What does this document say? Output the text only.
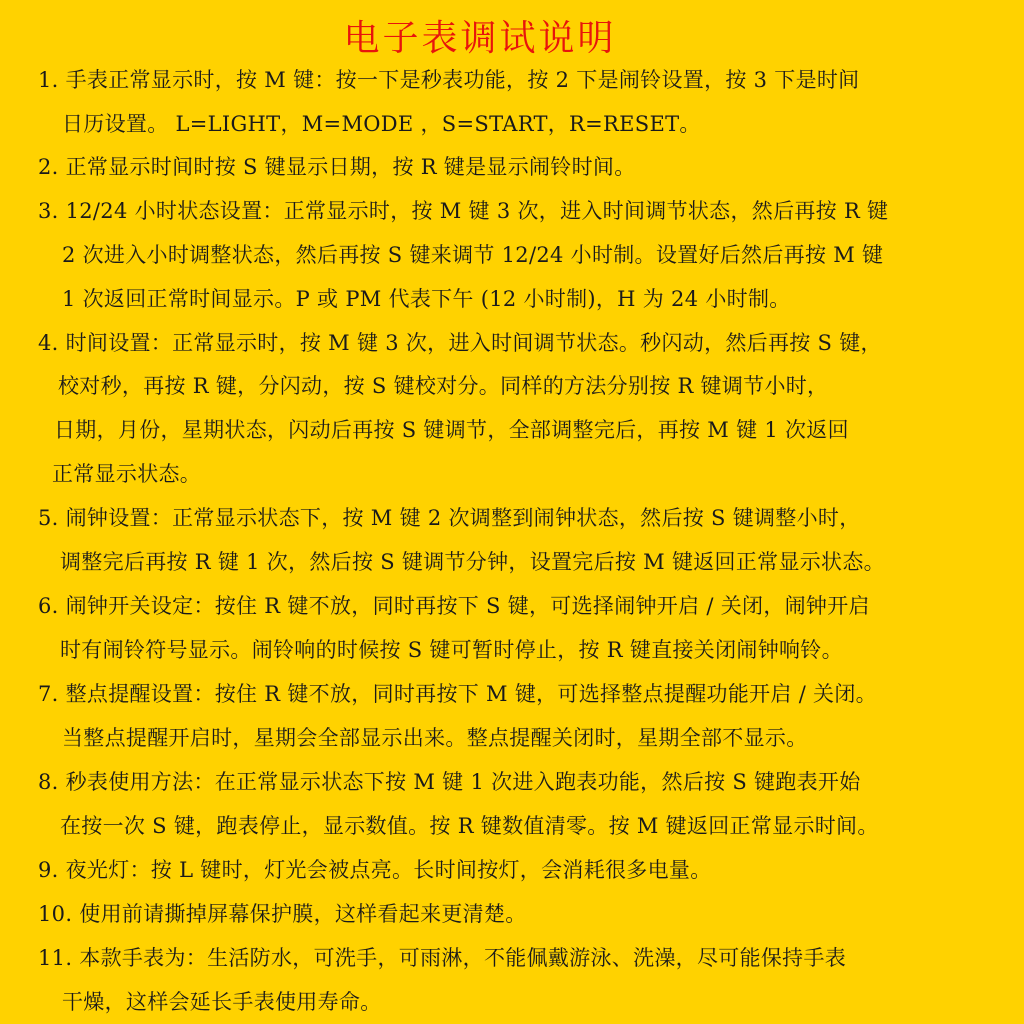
电子表调试说明
1. 手表正常显示时，按 M 键：按一下是秒表功能，按 2 下是闹铃设置，按 3 下是时间
日历设置。 L=LIGHT，M=MODE ，S=START，R=RESET。
2. 正常显示时间时按 S 键显示日期，按 R 键是显示闹铃时间。
3. 12/24 小时状态设置：正常显示时，按 M 键 3 次，进入时间调节状态，然后再按 R 键
2 次进入小时调整状态，然后再按 S 键来调节 12/24 小时制。设置好后然后再按 M 键
1 次返回正常时间显示。P 或 PM 代表下午 (12 小时制)，H 为 24 小时制。
4. 时间设置：正常显示时，按 M 键 3 次，进入时间调节状态。秒闪动，然后再按 S 键，
校对秒，再按 R 键，分闪动，按 S 键校对分。同样的方法分别按 R 键调节小时，
日期，月份，星期状态，闪动后再按 S 键调节，全部调整完后，再按 M 键 1 次返回
正常显示状态。
5. 闹钟设置：正常显示状态下，按 M 键 2 次调整到闹钟状态，然后按 S 键调整小时，
调整完后再按 R 键 1 次，然后按 S 键调节分钟，设置完后按 M 键返回正常显示状态。
6. 闹钟开关设定：按住 R 键不放，同时再按下 S 键，可选择闹钟开启 / 关闭，闹钟开启
时有闹铃符号显示。闹铃响的时候按 S 键可暂时停止，按 R 键直接关闭闹钟响铃。
7. 整点提醒设置：按住 R 键不放，同时再按下 M 键，可选择整点提醒功能开启 / 关闭。
当整点提醒开启时，星期会全部显示出来。整点提醒关闭时，星期全部不显示。
8. 秒表使用方法：在正常显示状态下按 M 键 1 次进入跑表功能，然后按 S 键跑表开始
在按一次 S 键，跑表停止，显示数值。按 R 键数值清零。按 M 键返回正常显示时间。
9. 夜光灯：按 L 键时，灯光会被点亮。长时间按灯，会消耗很多电量。
10. 使用前请撕掉屏幕保护膜，这样看起来更清楚。
11. 本款手表为：生活防水，可洗手，可雨淋，不能佩戴游泳、洗澡，尽可能保持手表
干燥，这样会延长手表使用寿命。
